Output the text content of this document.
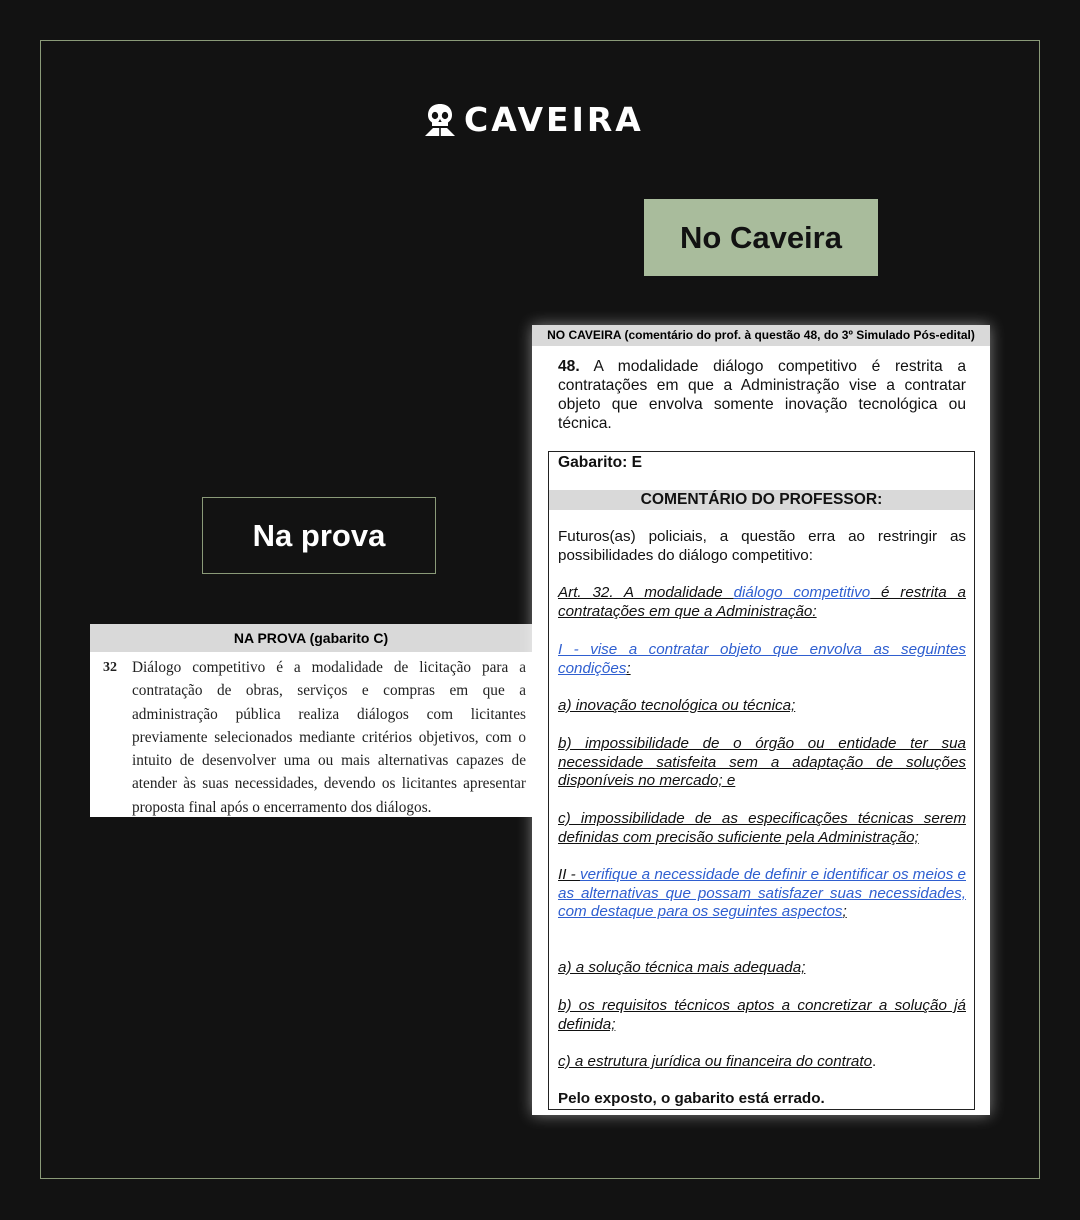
CAVEIRA
No Caveira
Na prova
NA PROVA (gabarito C)
32 Diálogo competitivo é a modalidade de licitação para a contratação de obras, serviços e compras em que a administração pública realiza diálogos com licitantes previamente selecionados mediante critérios objetivos, com o intuito de desenvolver uma ou mais alternativas capazes de atender às suas necessidades, devendo os licitantes apresentar proposta final após o encerramento dos diálogos.
NO CAVEIRA (comentário do prof. à questão 48, do 3º Simulado Pós-edital)
48. A modalidade diálogo competitivo é restrita a contratações em que a Administração vise a contratar objeto que envolva somente inovação tecnológica ou técnica.
Gabarito: E
COMENTÁRIO DO PROFESSOR:
Futuros(as) policiais, a questão erra ao restringir as possibilidades do diálogo competitivo:
Art. 32. A modalidade diálogo competitivo é restrita a contratações em que a Administração:
I - vise a contratar objeto que envolva as seguintes condições:
a) inovação tecnológica ou técnica;
b) impossibilidade de o órgão ou entidade ter sua necessidade satisfeita sem a adaptação de soluções disponíveis no mercado; e
c) impossibilidade de as especificações técnicas serem definidas com precisão suficiente pela Administração;
II - verifique a necessidade de definir e identificar os meios e as alternativas que possam satisfazer suas necessidades, com destaque para os seguintes aspectos;
a) a solução técnica mais adequada;
b) os requisitos técnicos aptos a concretizar a solução já definida;
c) a estrutura jurídica ou financeira do contrato.
Pelo exposto, o gabarito está errado.
